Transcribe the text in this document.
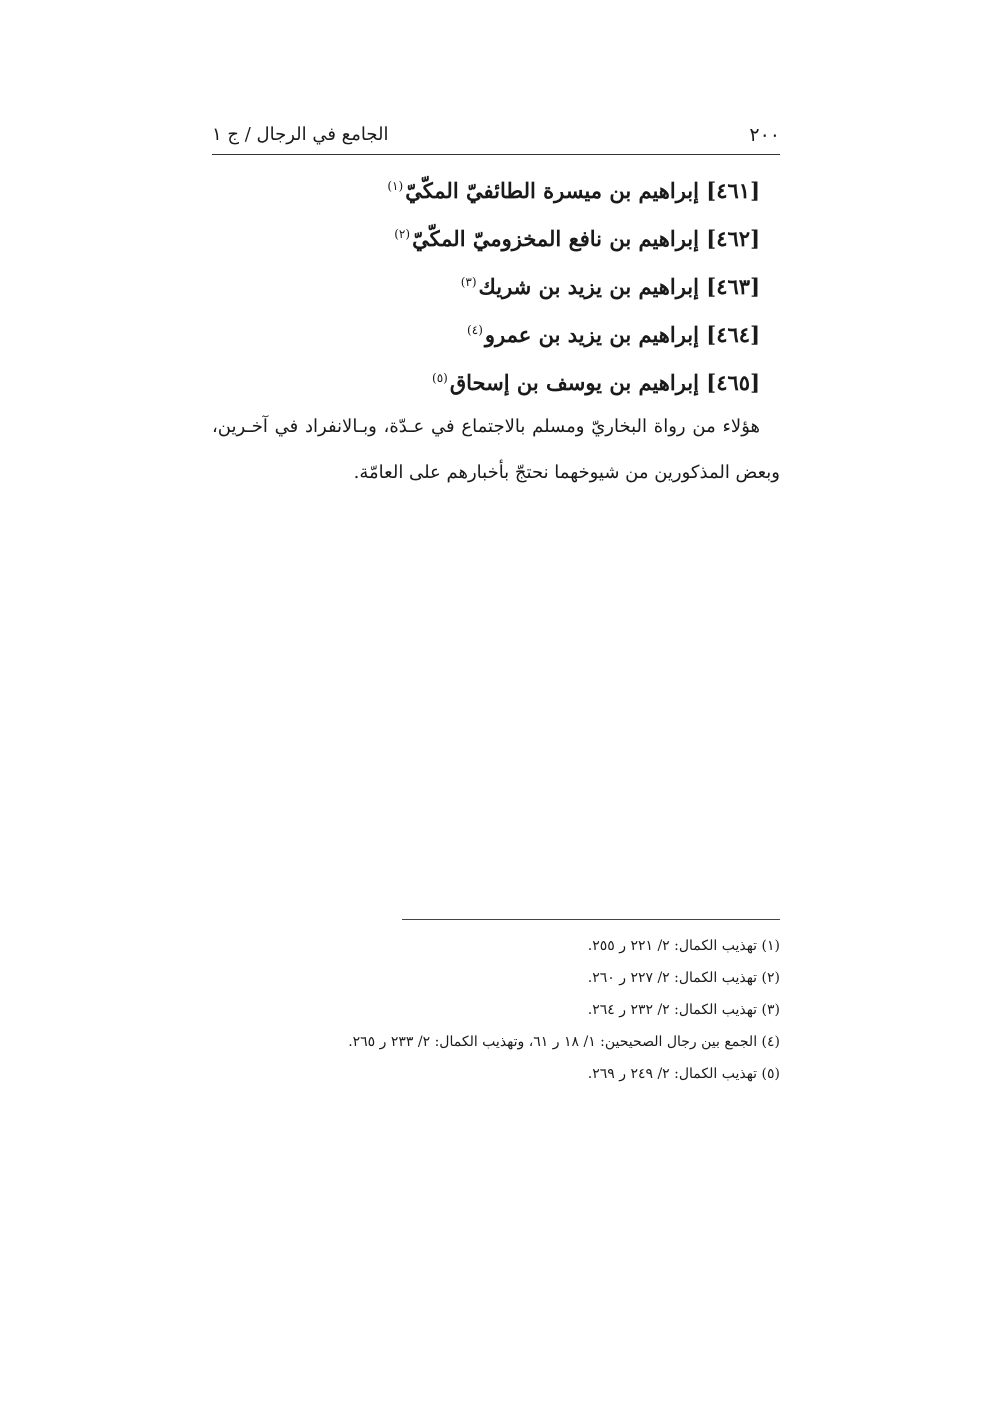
٢٠٠
الجامع في الرجال / ج ١
[٤٦١] إبراهيم بن ميسرة الطائفيّ المكّيّ$^{(١)}$
[٤٦٢] إبراهيم بن نافع المخزوميّ المكّيّ$^{(٢)}$
[٤٦٣] إبراهيم بن يزيد بن شريك$^{(٣)}$
[٤٦٤] إبراهيم بن يزيد بن عمرو$^{(٤)}$
[٤٦٥] إبراهيم بن يوسف بن إسحاق$^{(٥)}$

هؤلاء من رواة البخاريّ ومسلم بالاجتماع في عـدّة، وبـالانفراد في آخـرين، وبعض المذكورين من شيوخهما نحتجّ بأخبارهم على العامّة.

(١) تهذيب الكمال: ٢/ ٢٢١ ر ٢٥٥.
(٢) تهذيب الكمال: ٢/ ٢٢٧ ر ٢٦٠.
(٣) تهذيب الكمال: ٢/ ٢٣٢ ر ٢٦٤.
(٤) الجمع بين رجال الصحيحين: ١/ ١٨ ر ٦١، وتهذيب الكمال: ٢/ ٢٣٣ ر ٢٦٥.
(٥) تهذيب الكمال: ٢/ ٢٤٩ ر ٢٦٩.
